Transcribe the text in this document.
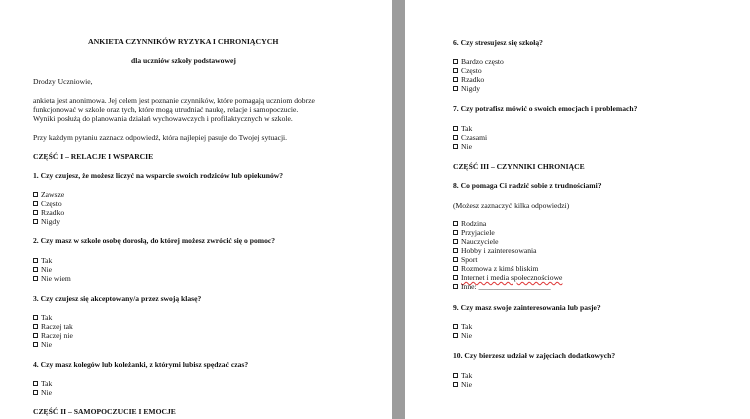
ANKIETA CZYNNIKÓW RYZYKA I CHRONIĄCYCH
dla uczniów szkoły podstawowej
Drodzy Uczniowie,
ankieta jest anonimowa. Jej celem jest poznanie czynników, które pomagają uczniom dobrze
funkcjonować w szkole oraz tych, które mogą utrudniać naukę, relacje i samopoczucie.
Wyniki posłużą do planowania działań wychowawczych i profilaktycznych w szkole.
Przy każdym pytaniu zaznacz odpowiedź, która najlepiej pasuje do Twojej sytuacji.
CZĘŚĆ I – RELACJE I WSPARCIE
1. Czy czujesz, że możesz liczyć na wsparcie swoich rodziców lub opiekunów?
Zawsze
Często
Rzadko
Nigdy
2. Czy masz w szkole osobę dorosłą, do której możesz zwrócić się o pomoc?
Tak
Nie
Nie wiem
3. Czy czujesz się akceptowany/a przez swoją klasę?
Tak
Raczej tak
Raczej nie
Nie
4. Czy masz kolegów lub koleżanki, z którymi lubisz spędzać czas?
Tak
Nie
CZĘŚĆ II – SAMOPOCZUCIE I EMOCJE
6. Czy stresujesz się szkołą?
Bardzo często
Często
Rzadko
Nigdy
7. Czy potrafisz mówić o swoich emocjach i problemach?
Tak
Czasami
Nie
CZĘŚĆ III – CZYNNIKI CHRONIĄCE
8. Co pomaga Ci radzić sobie z trudnościami?
(Możesz zaznaczyć kilka odpowiedzi)
Rodzina
Przyjaciele
Nauczyciele
Hobby i zainteresowania
Sport
Rozmowa z kimś bliskim
Internet i media społecznościowe
Inne: ___________________
9. Czy masz swoje zainteresowania lub pasje?
Tak
Nie
10. Czy bierzesz udział w zajęciach dodatkowych?
Tak
Nie
